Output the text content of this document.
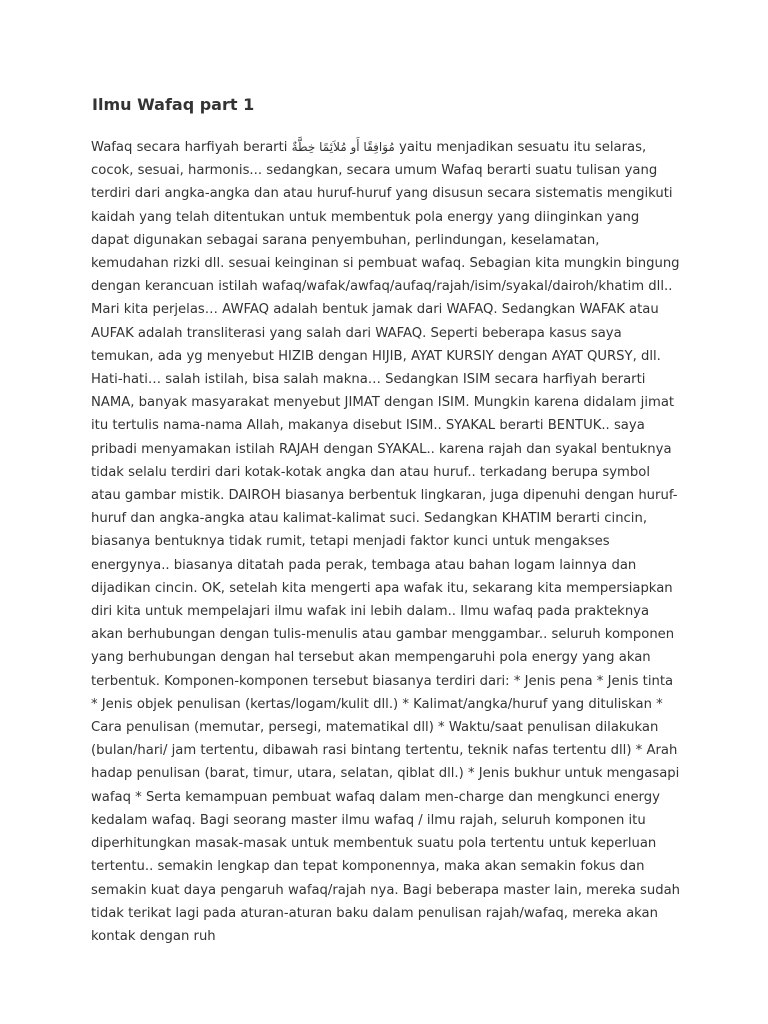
Ilmu Wafaq part 1

Wafaq secara harfiyah berarti مُوَافِقًا أَو مُلاَئِمًا خِطَّةٌ yaitu menjadikan sesuatu itu selaras, cocok, sesuai, harmonis... sedangkan, secara umum Wafaq berarti suatu tulisan yang terdiri dari angka-angka dan atau huruf-huruf yang disusun secara sistematis mengikuti kaidah yang telah ditentukan untuk membentuk pola energy yang diinginkan yang dapat digunakan sebagai sarana penyembuhan, perlindungan, keselamatan, kemudahan rizki dll. sesuai keinginan si pembuat wafaq. Sebagian kita mungkin bingung dengan kerancuan istilah wafaq/wafak/awfaq/aufaq/rajah/isim/syakal/dairoh/khatim dll.. Mari kita perjelas… AWFAQ adalah bentuk jamak dari WAFAQ. Sedangkan WAFAK atau AUFAK adalah transliterasi yang salah dari WAFAQ. Seperti beberapa kasus saya temukan, ada yg menyebut HIZIB dengan HIJIB, AYAT KURSIY dengan AYAT QURSY, dll. Hati-hati… salah istilah, bisa salah makna… Sedangkan ISIM secara harfiyah berarti NAMA, banyak masyarakat menyebut JIMAT dengan ISIM. Mungkin karena didalam jimat itu tertulis nama-nama Allah, makanya disebut ISIM.. SYAKAL berarti BENTUK.. saya pribadi menyamakan istilah RAJAH dengan SYAKAL.. karena rajah dan syakal bentuknya tidak selalu terdiri dari kotak-kotak angka dan atau huruf.. terkadang berupa symbol atau gambar mistik. DAIROH biasanya berbentuk lingkaran, juga dipenuhi dengan huruf-huruf dan angka-angka atau kalimat-kalimat suci. Sedangkan KHATIM berarti cincin, biasanya bentuknya tidak rumit, tetapi menjadi faktor kunci untuk mengakses energynya.. biasanya ditatah pada perak, tembaga atau bahan logam lainnya dan dijadikan cincin. OK, setelah kita mengerti apa wafak itu, sekarang kita mempersiapkan diri kita untuk mempelajari ilmu wafak ini lebih dalam.. Ilmu wafaq pada prakteknya akan berhubungan dengan tulis-menulis atau gambar menggambar.. seluruh komponen yang berhubungan dengan hal tersebut akan mempengaruhi pola energy yang akan terbentuk. Komponen-komponen tersebut biasanya terdiri dari: * Jenis pena * Jenis tinta * Jenis objek penulisan (kertas/logam/kulit dll.) * Kalimat/angka/huruf yang dituliskan * Cara penulisan (memutar, persegi, matematikal dll) * Waktu/saat penulisan dilakukan (bulan/hari/ jam tertentu, dibawah rasi bintang tertentu, teknik nafas tertentu dll) * Arah hadap penulisan (barat, timur, utara, selatan, qiblat dll.) * Jenis bukhur untuk mengasapi wafaq * Serta kemampuan pembuat wafaq dalam men-charge dan mengkunci energy kedalam wafaq. Bagi seorang master ilmu wafaq / ilmu rajah, seluruh komponen itu diperhitungkan masak-masak untuk membentuk suatu pola tertentu untuk keperluan tertentu.. semakin lengkap dan tepat komponennya, maka akan semakin fokus dan semakin kuat daya pengaruh wafaq/rajah nya. Bagi beberapa master lain, mereka sudah tidak terikat lagi pada aturan-aturan baku dalam penulisan rajah/wafaq, mereka akan kontak dengan ruh
